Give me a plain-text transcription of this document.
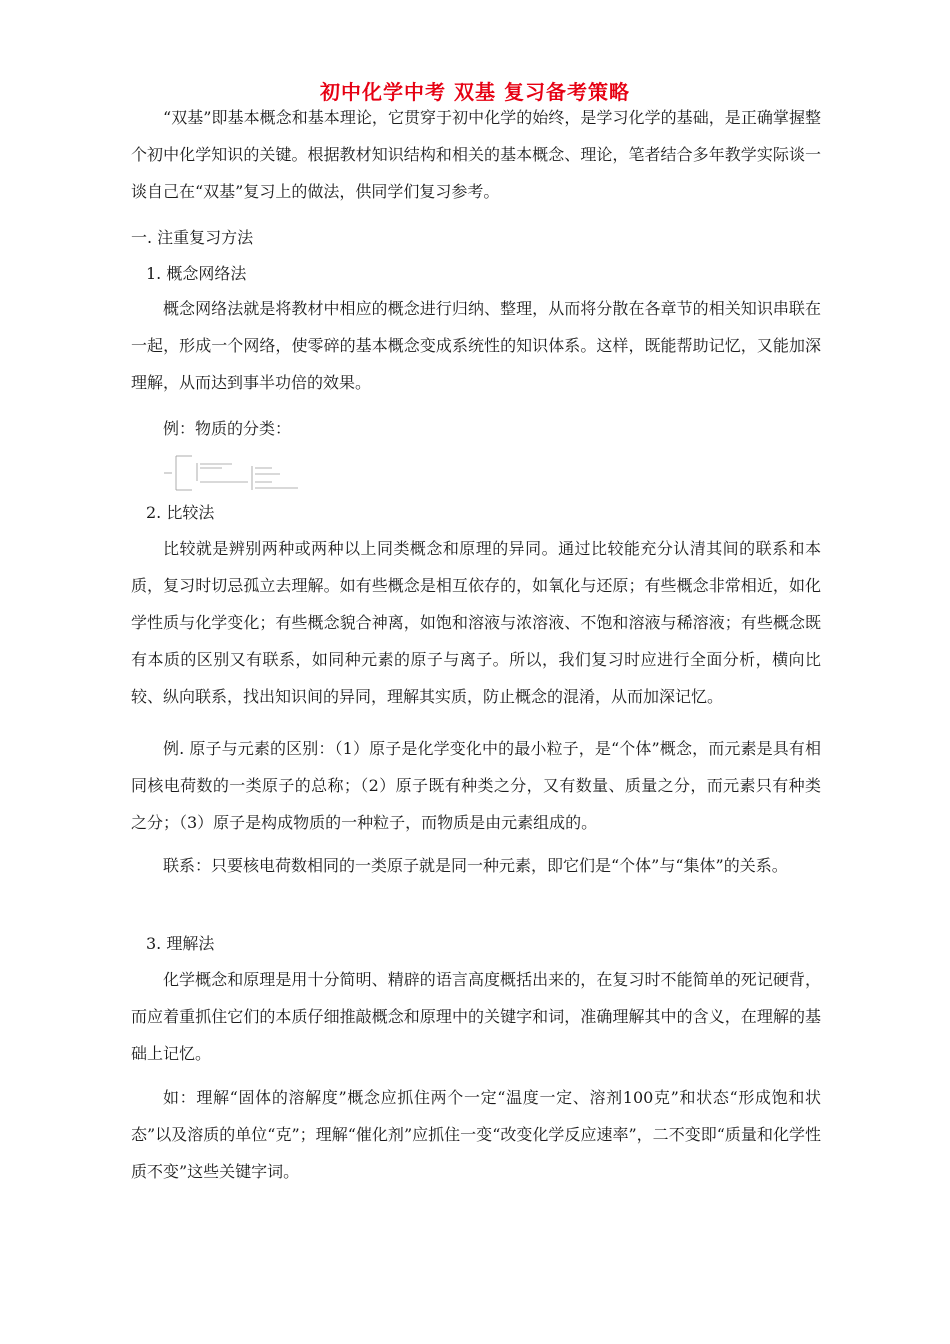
初中化学中考 双基 复习备考策略

“双基”即基本概念和基本理论，它贯穿于初中化学的始终，是学习化学的基础，是正确掌握整个初中化学知识的关键。根据教材知识结构和相关的基本概念、理论，笔者结合多年教学实际谈一谈自己在“双基”复习上的做法，供同学们复习参考。

一. 注重复习方法

1. 概念网络法

概念网络法就是将教材中相应的概念进行归纳、整理，从而将分散在各章节的相关知识串联在一起，形成一个网络，使零碎的基本概念变成系统性的知识体系。这样，既能帮助记忆，又能加深理解，从而达到事半功倍的效果。

例：物质的分类：

2. 比较法

比较就是辨别两种或两种以上同类概念和原理的异同。通过比较能充分认清其间的联系和本质，复习时切忌孤立去理解。如有些概念是相互依存的，如氧化与还原；有些概念非常相近，如化学性质与化学变化；有些概念貌合神离，如饱和溶液与浓溶液、不饱和溶液与稀溶液；有些概念既有本质的区别又有联系，如同种元素的原子与离子。所以，我们复习时应进行全面分析，横向比较、纵向联系，找出知识间的异同，理解其实质，防止概念的混淆，从而加深记忆。

例. 原子与元素的区别：（1）原子是化学变化中的最小粒子，是“个体”概念，而元素是具有相同核电荷数的一类原子的总称；（2）原子既有种类之分，又有数量、质量之分，而元素只有种类之分；（3）原子是构成物质的一种粒子，而物质是由元素组成的。

联系：只要核电荷数相同的一类原子就是同一种元素，即它们是“个体”与“集体”的关系。

3. 理解法

化学概念和原理是用十分简明、精辟的语言高度概括出来的，在复习时不能简单的死记硬背，而应着重抓住它们的本质仔细推敲概念和原理中的关键字和词，准确理解其中的含义，在理解的基础上记忆。

如：理解“固体的溶解度”概念应抓住两个一定“温度一定、溶剂100克”和状态“形成饱和状态”以及溶质的单位“克”；理解“催化剂”应抓住一变“改变化学反应速率”，二不变即“质量和化学性质不变”这些关键字词。
